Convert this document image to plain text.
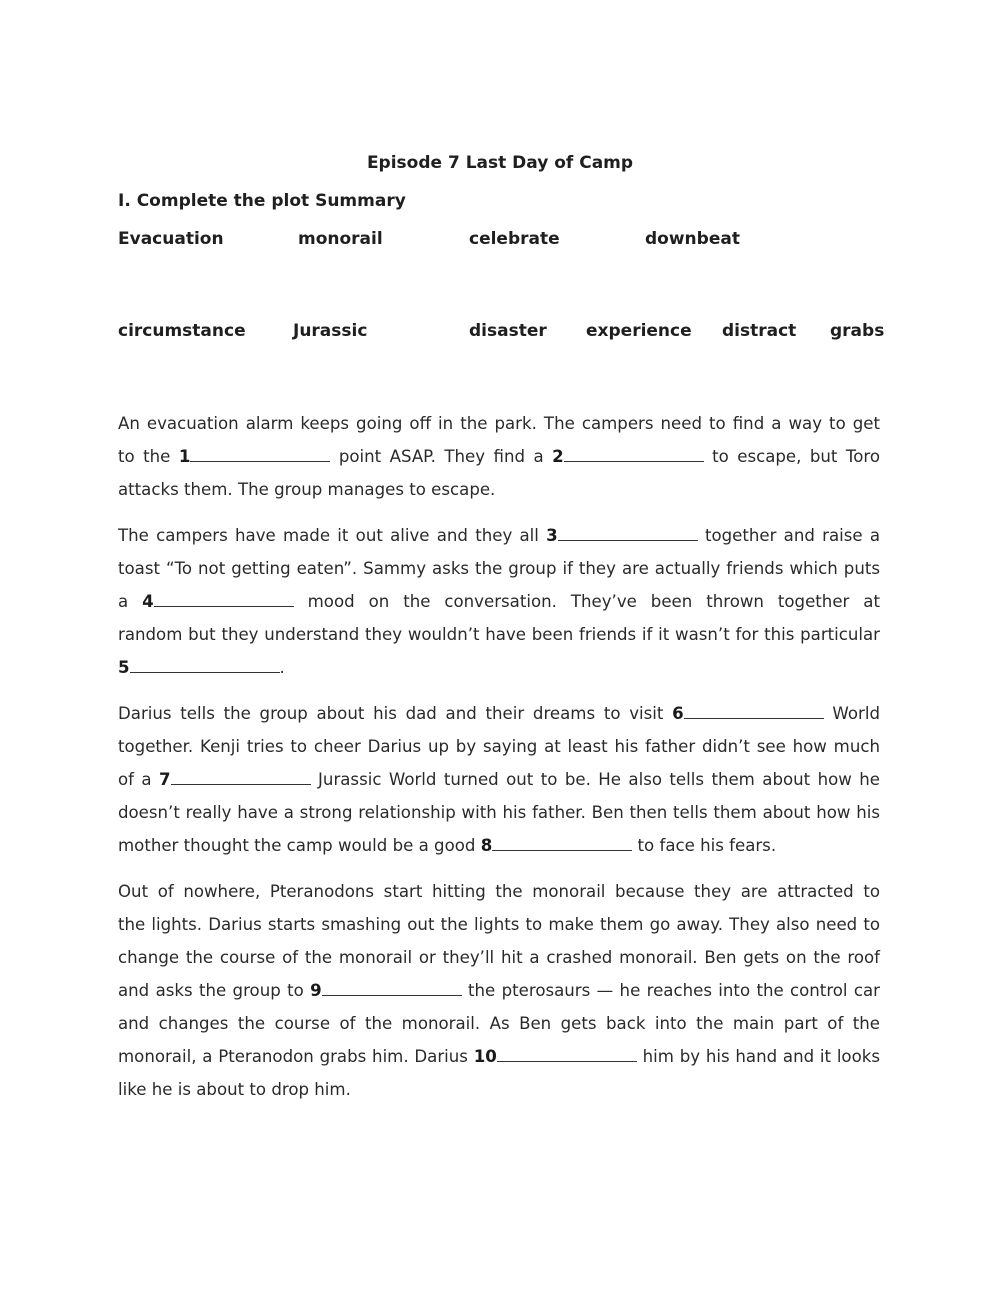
Episode 7 Last Day of Camp
I. Complete the plot Summary
Evacuation	monorail	celebrate	downbeat
circumstance	Jurassic	disaster experience distract grabs
An evacuation alarm keeps going off in the park. The campers need to find a way to get
to the 1	point ASAP. They find a 2	to escape, but Toro
attacks them. The group manages to escape.
The campers have made it out alive and they all 3	together and raise a
toast “To not getting eaten”. Sammy asks the group if they are actually friends which puts
a 4	mood on the conversation. They’ve been thrown together at
random but they understand they wouldn’t have been friends if it wasn’t for this particular
5	.
Darius tells the group about his dad and their dreams to visit 6	World
together. Kenji tries to cheer Darius up by saying at least his father didn’t see how much
of a 7	Jurassic World turned out to be. He also tells them about how he
doesn’t really have a strong relationship with his father. Ben then tells them about how his
mother thought the camp would be a good 8	to face his fears.
Out of nowhere, Pteranodons start hitting the monorail because they are attracted to
the lights. Darius starts smashing out the lights to make them go away. They also need to
change the course of the monorail or they’ll hit a crashed monorail. Ben gets on the roof
and asks the group to 9	the pterosaurs — he reaches into the control car
and changes the course of the monorail. As Ben gets back into the main part of the
monorail, a Pteranodon grabs him. Darius 10	him by his hand and it looks
like he is about to drop him.
